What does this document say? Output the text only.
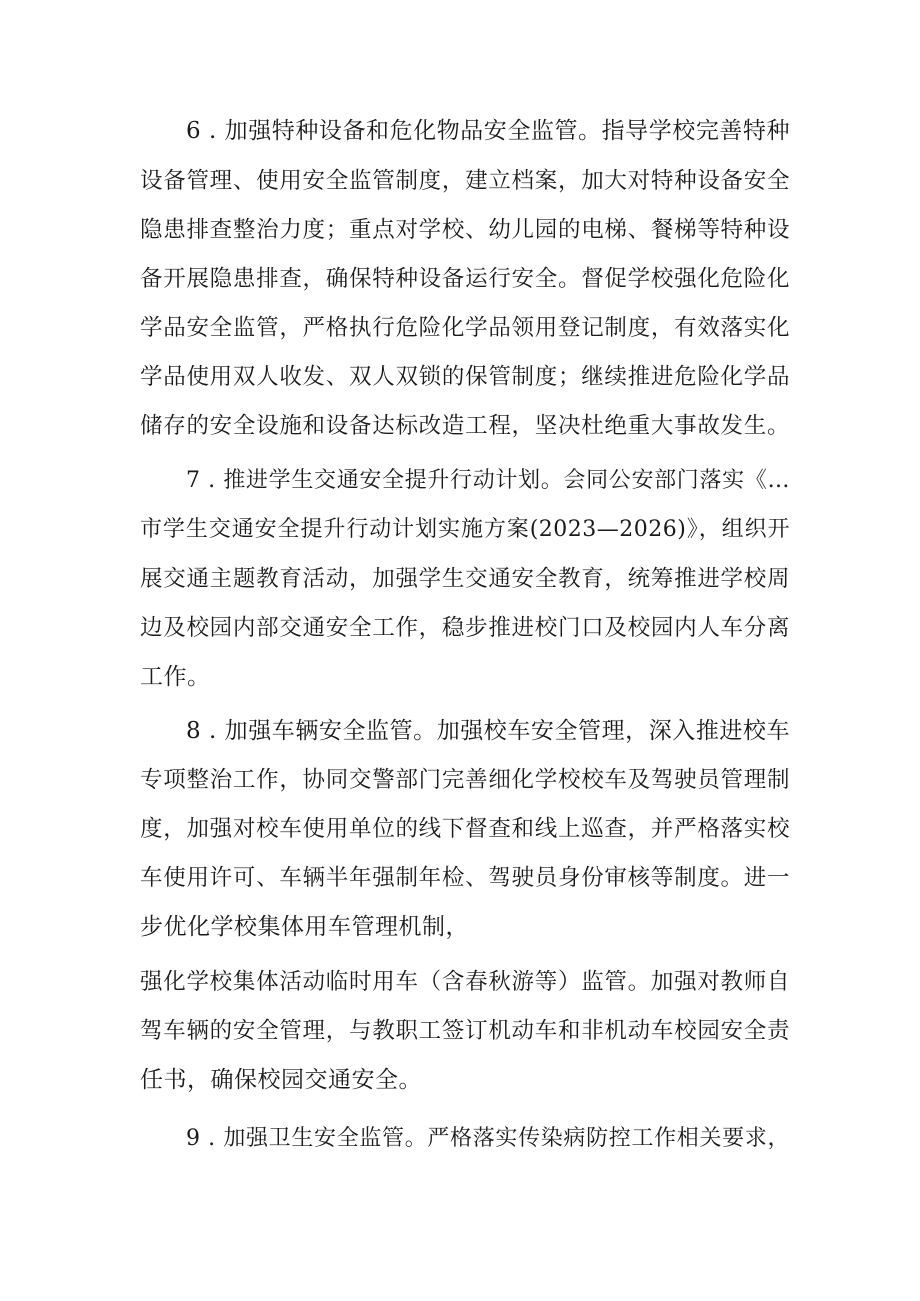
6 . 加强特种设备和危化物品安全监管。指导学校完善特种

设备管理、使用安全监管制度，建立档案，加大对特种设备安全

隐患排查整治力度；重点对学校、幼儿园的电梯、餐梯等特种设

备开展隐患排查，确保特种设备运行安全。督促学校强化危险化

学品安全监管，严格执行危险化学品领用登记制度，有效落实化

学品使用双人收发、双人双锁的保管制度；继续推进危险化学品

储存的安全设施和设备达标改造工程，坚决杜绝重大事故发生。

7 . 推进学生交通安全提升行动计划。会同公安部门落实《…

市学生交通安全提升行动计划实施方案(2023—2026)》，组织开

展交通主题教育活动，加强学生交通安全教育，统筹推进学校周

边及校园内部交通安全工作，稳步推进校门口及校园内人车分离

工作。

8 . 加强车辆安全监管。加强校车安全管理，深入推进校车

专项整治工作，协同交警部门完善细化学校校车及驾驶员管理制

度，加强对校车使用单位的线下督查和线上巡查，并严格落实校

车使用许可、车辆半年强制年检、驾驶员身份审核等制度。进一

步优化学校集体用车管理机制，

强化学校集体活动临时用车（含春秋游等）监管。加强对教师自

驾车辆的安全管理，与教职工签订机动车和非机动车校园安全责

任书，确保校园交通安全。

9 . 加强卫生安全监管。严格落实传染病防控工作相关要求，
